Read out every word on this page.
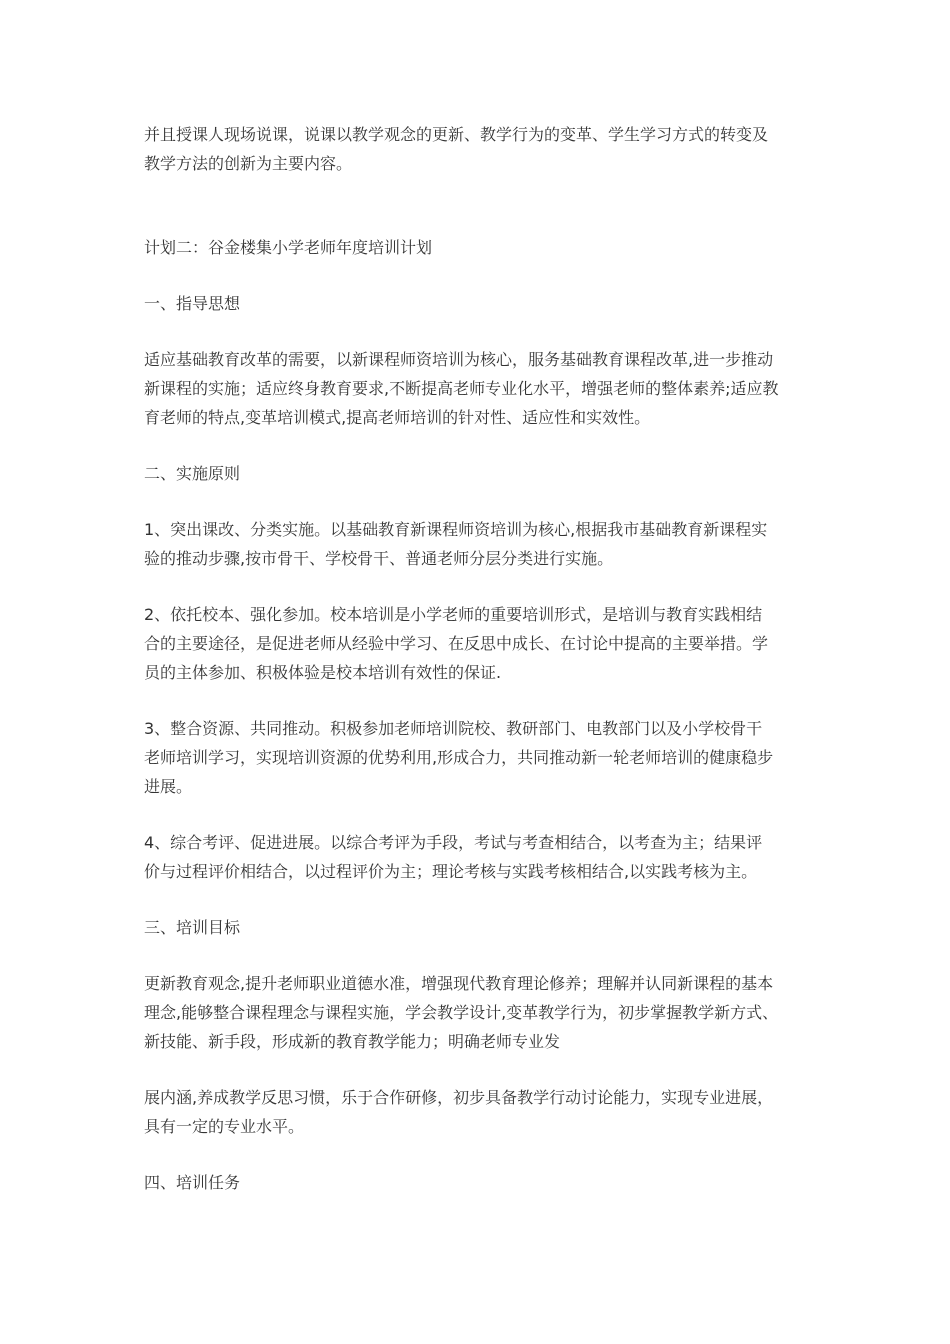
并且授课人现场说课，说课以教学观念的更新、教学行为的变革、学生学习方式的转变及

教学方法的创新为主要内容。

计划二：谷金楼集小学老师年度培训计划

一、指导思想

适应基础教育改革的需要，以新课程师资培训为核心，服务基础教育课程改革,进一步推动

新课程的实施；适应终身教育要求,不断提高老师专业化水平，增强老师的整体素养;适应教

育老师的特点,变革培训模式,提高老师培训的针对性、适应性和实效性。

二、实施原则

1、突出课改、分类实施。以基础教育新课程师资培训为核心,根据我市基础教育新课程实

验的推动步骤,按市骨干、学校骨干、普通老师分层分类进行实施。

2、依托校本、强化参加。校本培训是小学老师的重要培训形式，是培训与教育实践相结

合的主要途径，是促进老师从经验中学习、在反思中成长、在讨论中提高的主要举措。学

员的主体参加、积极体验是校本培训有效性的保证.

3、整合资源、共同推动。积极参加老师培训院校、教研部门、电教部门以及小学校骨干

老师培训学习，实现培训资源的优势利用,形成合力，共同推动新一轮老师培训的健康稳步

进展。

4、综合考评、促进进展。以综合考评为手段，考试与考查相结合，以考查为主；结果评

价与过程评价相结合，以过程评价为主；理论考核与实践考核相结合,以实践考核为主。

三、培训目标

更新教育观念,提升老师职业道德水准，增强现代教育理论修养；理解并认同新课程的基本

理念,能够整合课程理念与课程实施，学会教学设计,变革教学行为，初步掌握教学新方式、

新技能、新手段，形成新的教育教学能力；明确老师专业发

展内涵,养成教学反思习惯，乐于合作研修，初步具备教学行动讨论能力，实现专业进展，

具有一定的专业水平。

四、培训任务
